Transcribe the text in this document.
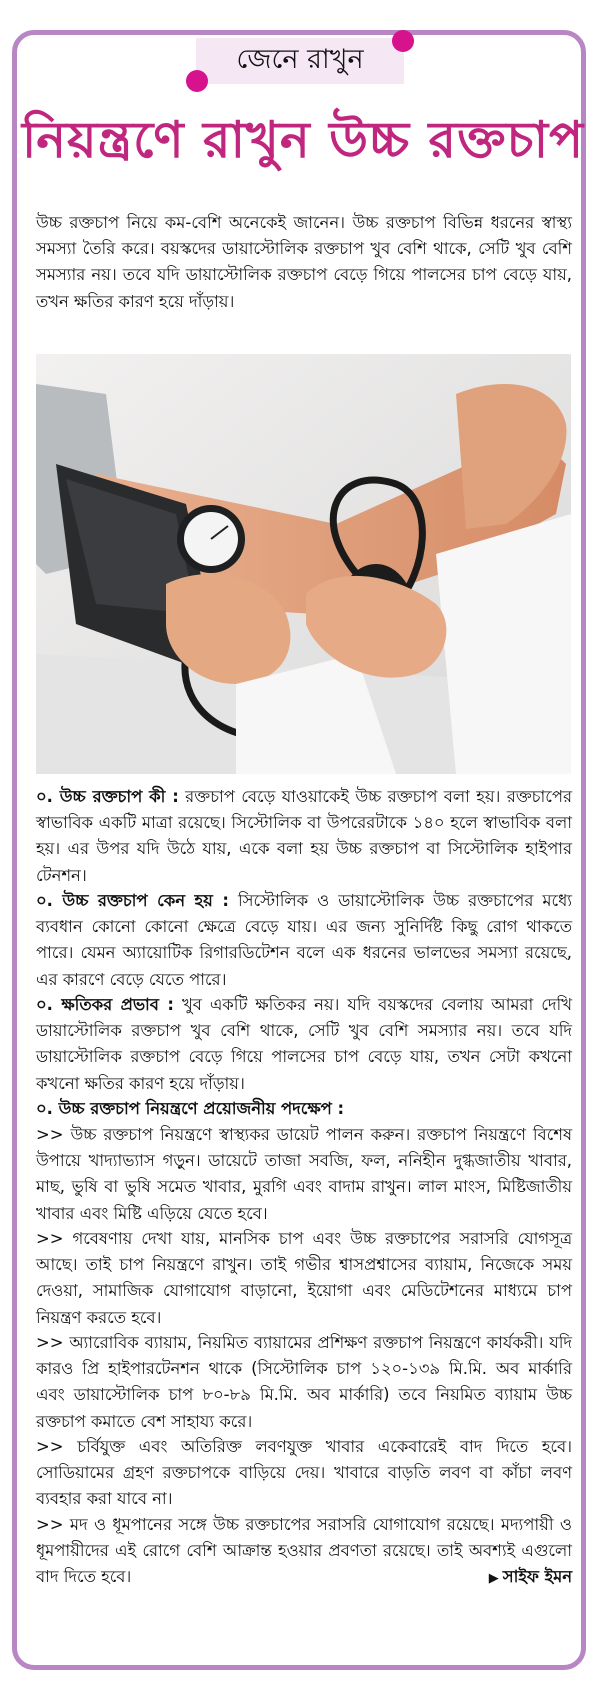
জেনে রাখুন
নিয়ন্ত্রণে রাখুন উচ্চ রক্তচাপ

উচ্চ রক্তচাপ নিয়ে কম-বেশি অনেকেই জানেন। উচ্চ রক্তচাপ বিভিন্ন ধরনের স্বাস্থ্য সমস্যা তৈরি করে। বয়স্কদের ডায়াস্টোলিক রক্তচাপ খুব বেশি থাকে, সেটি খুব বেশি সমস্যার নয়। তবে যদি ডায়াস্টোলিক রক্তচাপ বেড়ে গিয়ে পালসের চাপ বেড়ে যায়, তখন ক্ষতির কারণ হয়ে দাঁড়ায়।

০. উচ্চ রক্তচাপ কী : রক্তচাপ বেড়ে যাওয়াকেই উচ্চ রক্তচাপ বলা হয়। রক্তচাপের স্বাভাবিক একটি মাত্রা রয়েছে। সিস্টোলিক বা উপরেরটাকে ১৪০ হলে স্বাভাবিক বলা হয়। এর উপর যদি উঠে যায়, একে বলা হয় উচ্চ রক্তচাপ বা সিস্টোলিক হাইপার টেনশন।

০. উচ্চ রক্তচাপ কেন হয় : সিস্টোলিক ও ডায়াস্টোলিক উচ্চ রক্তচাপের মধ্যে ব্যবধান কোনো কোনো ক্ষেত্রে বেড়ে যায়। এর জন্য সুনির্দিষ্ট কিছু রোগ থাকতে পারে। যেমন অ্যায়োটিক রিগারডিটেশন বলে এক ধরনের ভালভের সমস্যা রয়েছে, এর কারণে বেড়ে যেতে পারে।

০. ক্ষতিকর প্রভাব : খুব একটি ক্ষতিকর নয়। যদি বয়স্কদের বেলায় আমরা দেখি ডায়াস্টোলিক রক্তচাপ খুব বেশি থাকে, সেটি খুব বেশি সমস্যার নয়। তবে যদি ডায়াস্টোলিক রক্তচাপ বেড়ে গিয়ে পালসের চাপ বেড়ে যায়, তখন সেটা কখনো কখনো ক্ষতির কারণ হয়ে দাঁড়ায়।

০. উচ্চ রক্তচাপ নিয়ন্ত্রণে প্রয়োজনীয় পদক্ষেপ :

>> উচ্চ রক্তচাপ নিয়ন্ত্রণে স্বাস্থ্যকর ডায়েট পালন করুন। রক্তচাপ নিয়ন্ত্রণে বিশেষ উপায়ে খাদ্যাভ্যাস গড়ুন। ডায়েটে তাজা সবজি, ফল, ননিহীন দুগ্ধজাতীয় খাবার, মাছ, ভুষি বা ভুষি সমেত খাবার, মুরগি এবং বাদাম রাখুন। লাল মাংস, মিষ্টিজাতীয় খাবার এবং মিষ্টি এড়িয়ে যেতে হবে।

>> গবেষণায় দেখা যায়, মানসিক চাপ এবং উচ্চ রক্তচাপের সরাসরি যোগসূত্র আছে। তাই চাপ নিয়ন্ত্রণে রাখুন। তাই গভীর শ্বাসপ্রশ্বাসের ব্যায়াম, নিজেকে সময় দেওয়া, সামাজিক যোগাযোগ বাড়ানো, ইয়োগা এবং মেডিটেশনের মাধ্যমে চাপ নিয়ন্ত্রণ করতে হবে।

>> অ্যারোবিক ব্যায়াম, নিয়মিত ব্যায়ামের প্রশিক্ষণ রক্তচাপ নিয়ন্ত্রণে কার্যকরী। যদি কারও প্রি হাইপারটেনশন থাকে (সিস্টোলিক চাপ ১২০-১৩৯ মি.মি. অব মার্কারি এবং ডায়াস্টোলিক চাপ ৮০-৮৯ মি.মি. অব মার্কারি) তবে নিয়মিত ব্যায়াম উচ্চ রক্তচাপ কমাতে বেশ সাহায্য করে।

>> চর্বিযুক্ত এবং অতিরিক্ত লবণযুক্ত খাবার একেবারেই বাদ দিতে হবে। সোডিয়ামের গ্রহণ রক্তচাপকে বাড়িয়ে দেয়। খাবারে বাড়তি লবণ বা কাঁচা লবণ ব্যবহার করা যাবে না।

>> মদ ও ধূমপানের সঙ্গে উচ্চ রক্তচাপের সরাসরি যোগাযোগ রয়েছে। মদ্যপায়ী ও ধূমপায়ীদের এই রোগে বেশি আক্রান্ত হওয়ার প্রবণতা রয়েছে। তাই অবশ্যই এগুলো বাদ দিতে হবে।	▶ সাইফ ইমন
